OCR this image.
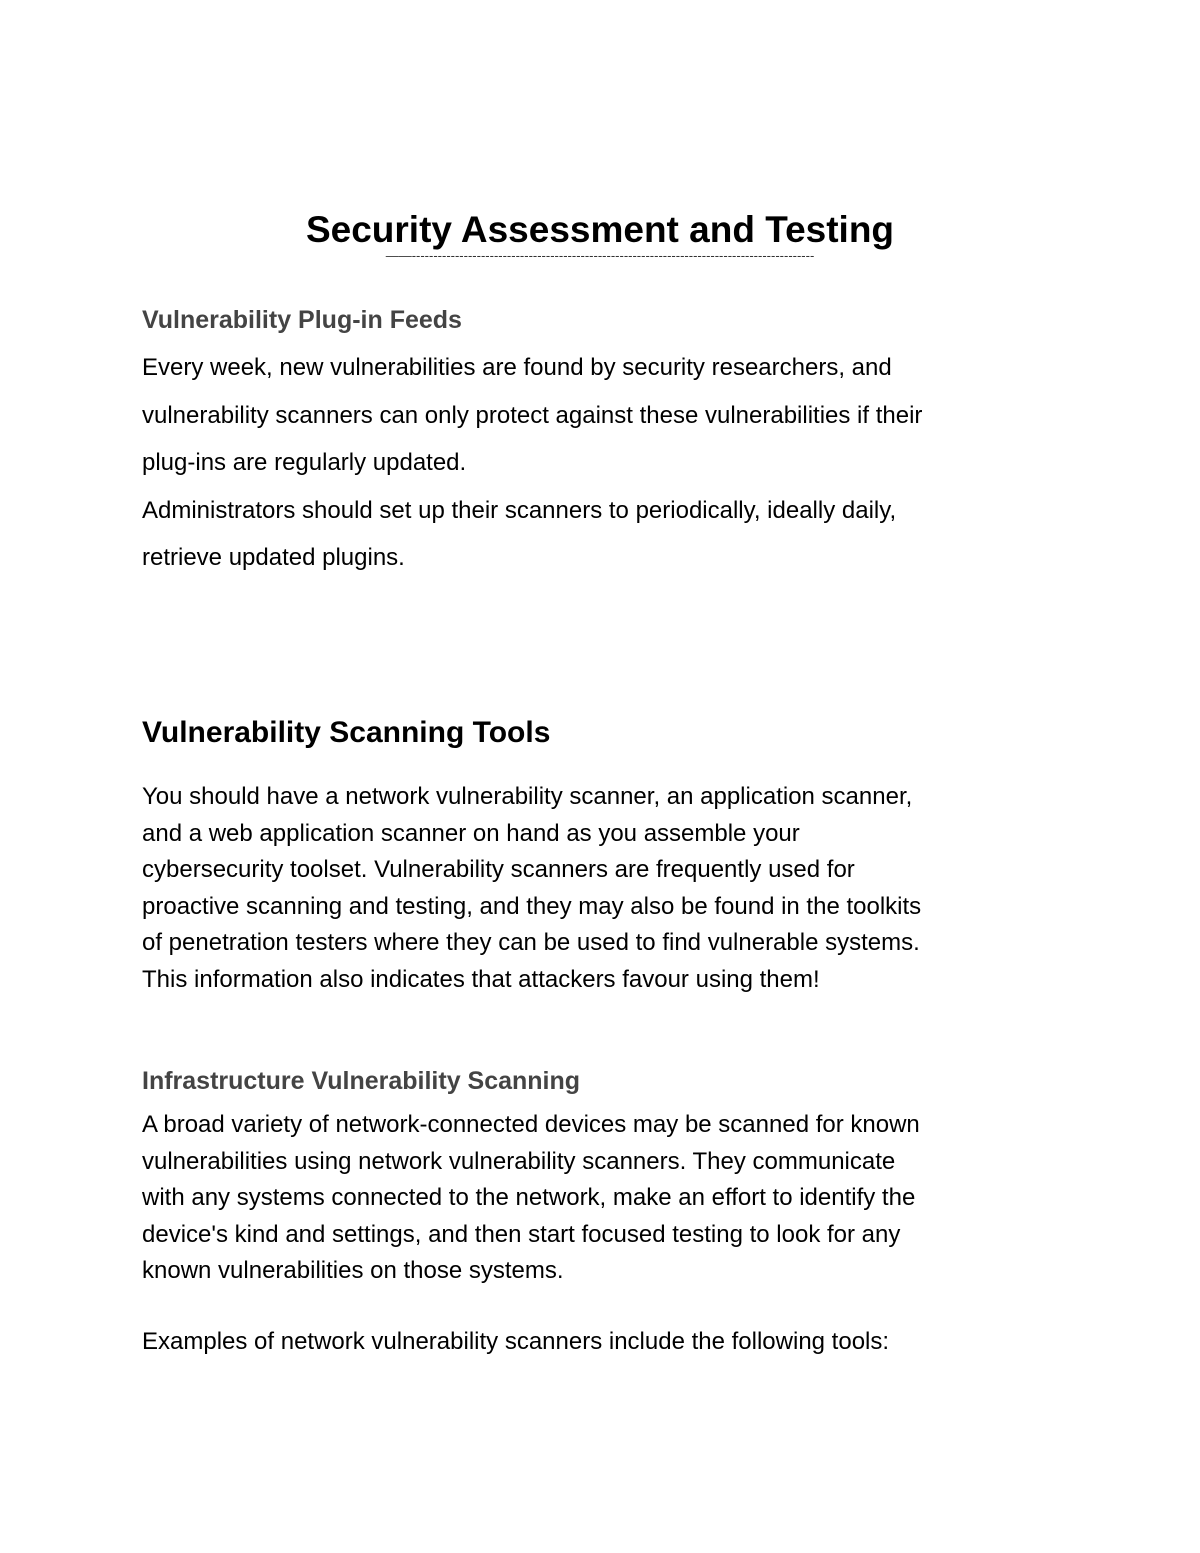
Security Assessment and Testing
——---------------------------------------------------------------------------------------------
Vulnerability Plug-in Feeds

Every week, new vulnerabilities are found by security researchers, and

vulnerability scanners can only protect against these vulnerabilities if their

plug-ins are regularly updated.

Administrators should set up their scanners to periodically, ideally daily,

retrieve updated plugins.

Vulnerability Scanning Tools

You should have a network vulnerability scanner, an application scanner,

and a web application scanner on hand as you assemble your

cybersecurity toolset. Vulnerability scanners are frequently used for

proactive scanning and testing, and they may also be found in the toolkits

of penetration testers where they can be used to find vulnerable systems.

This information also indicates that attackers favour using them!

Infrastructure Vulnerability Scanning

A broad variety of network-connected devices may be scanned for known

vulnerabilities using network vulnerability scanners. They communicate

with any systems connected to the network, make an effort to identify the

device's kind and settings, and then start focused testing to look for any

known vulnerabilities on those systems.

Examples of network vulnerability scanners include the following tools:
